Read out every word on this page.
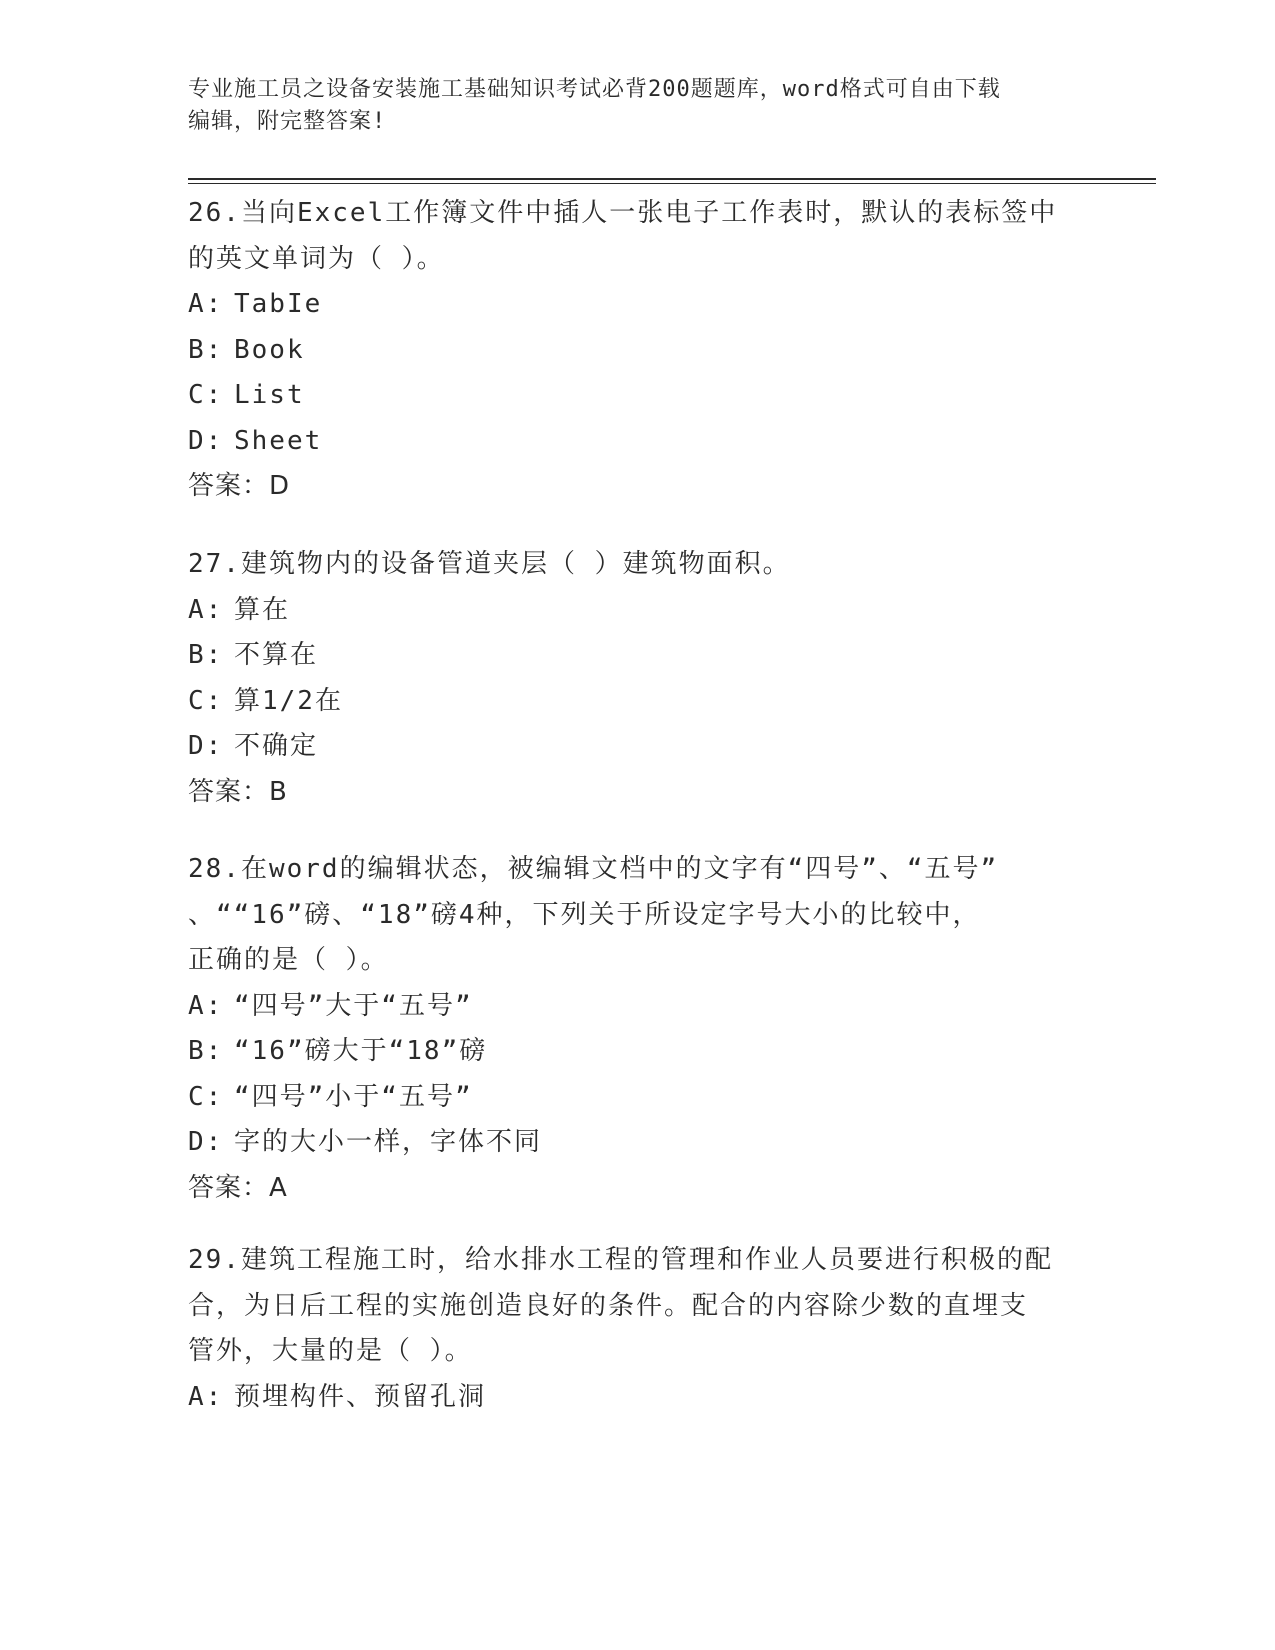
专业施工员之设备安装施工基础知识考试必背200题题库，word格式可自由下载
编辑，附完整答案!
26.当向Excel工作簿文件中插人一张电子工作表时，默认的表标签中
的英文单词为（ ）。
A: TabIe
B: Book
C: List
D: Sheet
答案：D
27.建筑物内的设备管道夹层（ ）建筑物面积。
A: 算在
B: 不算在
C: 算1/2在
D: 不确定
答案：B
28.在word的编辑状态，被编辑文档中的文字有“四号”、“五号”
、““16”磅、“18”磅4种，下列关于所设定字号大小的比较中，
正确的是（ ）。
A: “四号”大于“五号”
B: “16”磅大于“18”磅
C: “四号”小于“五号”
D: 字的大小一样，字体不同
答案：A
29.建筑工程施工时，给水排水工程的管理和作业人员要进行积极的配
合，为日后工程的实施创造良好的条件。配合的内容除少数的直埋支
管外，大量的是（ ）。
A: 预埋构件、预留孔洞
